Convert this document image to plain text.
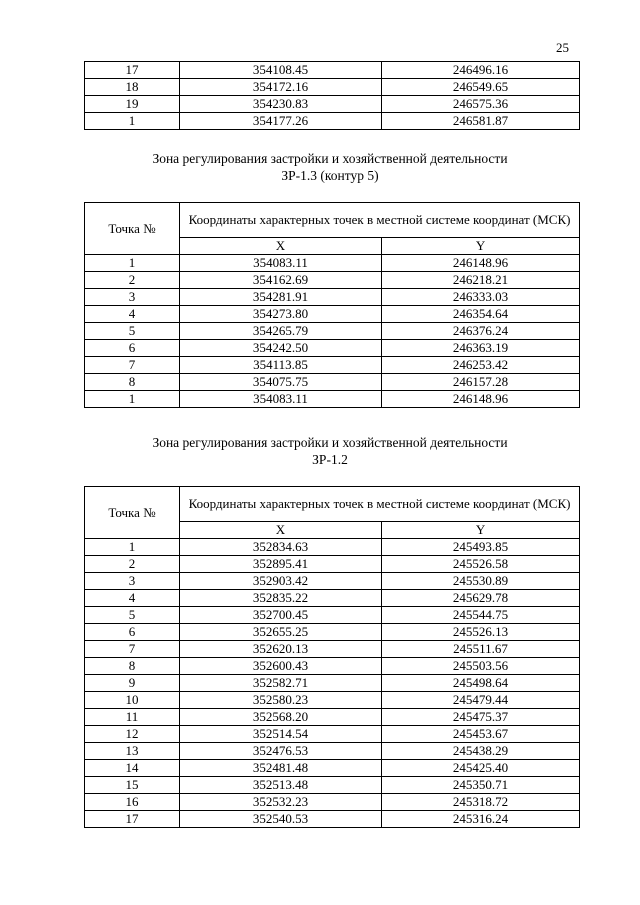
25
17	354108.45	246496.16
18	354172.16	246549.65
19	354230.83	246575.36
1	354177.26	246581.87
Зона регулирования застройки и хозяйственной деятельности
ЗР-1.3 (контур 5)
Точка №	Координаты характерных точек в местной системе координат (МСК)	
	X	Y
1	354083.11	246148.96
2	354162.69	246218.21
3	354281.91	246333.03
4	354273.80	246354.64
5	354265.79	246376.24
6	354242.50	246363.19
7	354113.85	246253.42
8	354075.75	246157.28
1	354083.11	246148.96
Зона регулирования застройки и хозяйственной деятельности
ЗР-1.2
Точка №	Координаты характерных точек в местной системе координат (МСК)	
	X	Y
1	352834.63	245493.85
2	352895.41	245526.58
3	352903.42	245530.89
4	352835.22	245629.78
5	352700.45	245544.75
6	352655.25	245526.13
7	352620.13	245511.67
8	352600.43	245503.56
9	352582.71	245498.64
10	352580.23	245479.44
11	352568.20	245475.37
12	352514.54	245453.67
13	352476.53	245438.29
14	352481.48	245425.40
15	352513.48	245350.71
16	352532.23	245318.72
17	352540.53	245316.24
